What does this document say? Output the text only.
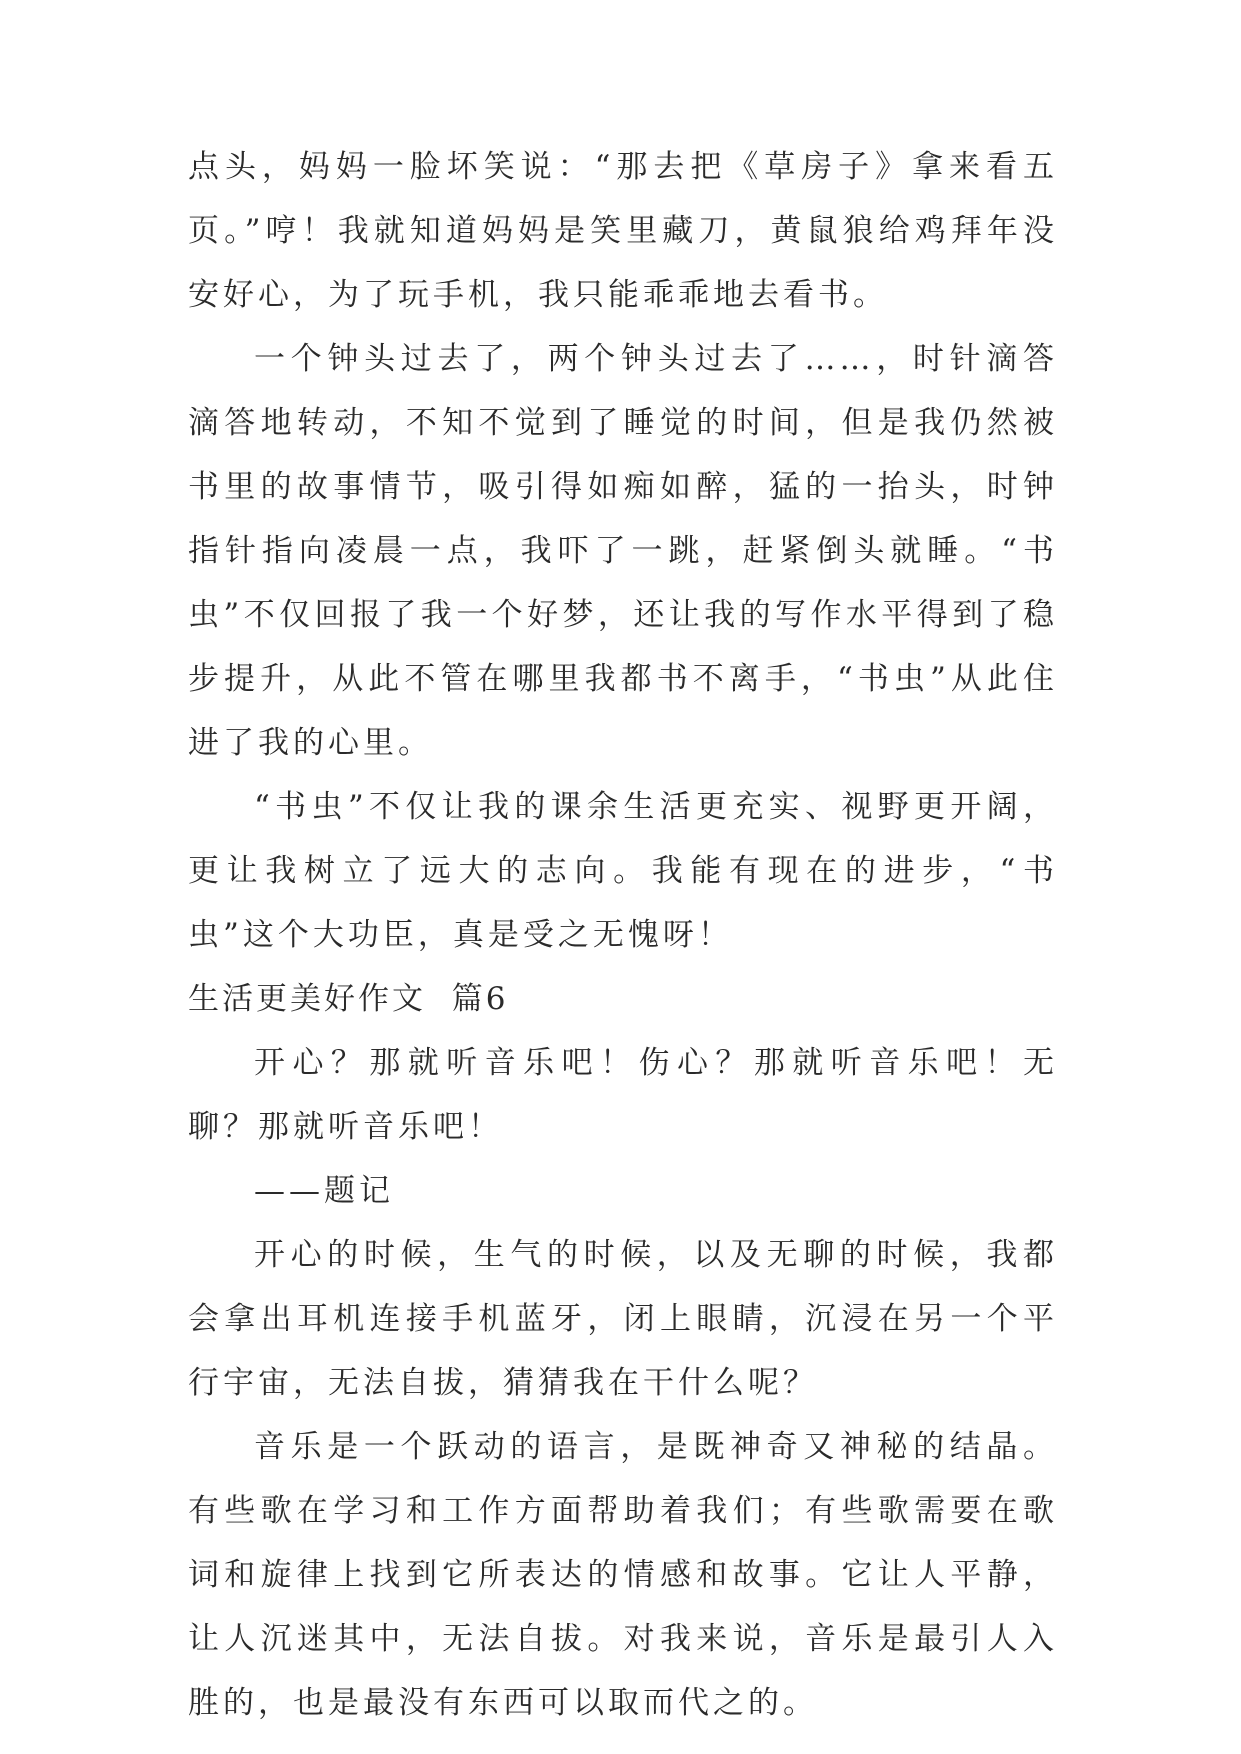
点头，妈妈一脸坏笑说：“那去把《草房子》拿来看五页。”哼！我就知道妈妈是笑里藏刀，黄鼠狼给鸡拜年没安好心，为了玩手机，我只能乖乖地去看书。

一个钟头过去了，两个钟头过去了……，时针滴答滴答地转动，不知不觉到了睡觉的时间，但是我仍然被书里的故事情节，吸引得如痴如醉，猛的一抬头，时钟指针指向凌晨一点，我吓了一跳，赶紧倒头就睡。“书虫”不仅回报了我一个好梦，还让我的写作水平得到了稳步提升，从此不管在哪里我都书不离手，“书虫”从此住进了我的心里。

“书虫”不仅让我的课余生活更充实、视野更开阔，更让我树立了远大的志向。我能有现在的进步，“书虫”这个大功臣，真是受之无愧呀！

生活更美好作文  篇6

开心？那就听音乐吧！伤心？那就听音乐吧！无聊？那就听音乐吧！

——题记

开心的时候，生气的时候，以及无聊的时候，我都会拿出耳机连接手机蓝牙，闭上眼睛，沉浸在另一个平行宇宙，无法自拔，猜猜我在干什么呢？

音乐是一个跃动的语言，是既神奇又神秘的结晶。有些歌在学习和工作方面帮助着我们；有些歌需要在歌词和旋律上找到它所表达的情感和故事。它让人平静，让人沉迷其中，无法自拔。对我来说，音乐是最引人入胜的，也是最没有东西可以取而代之的。
